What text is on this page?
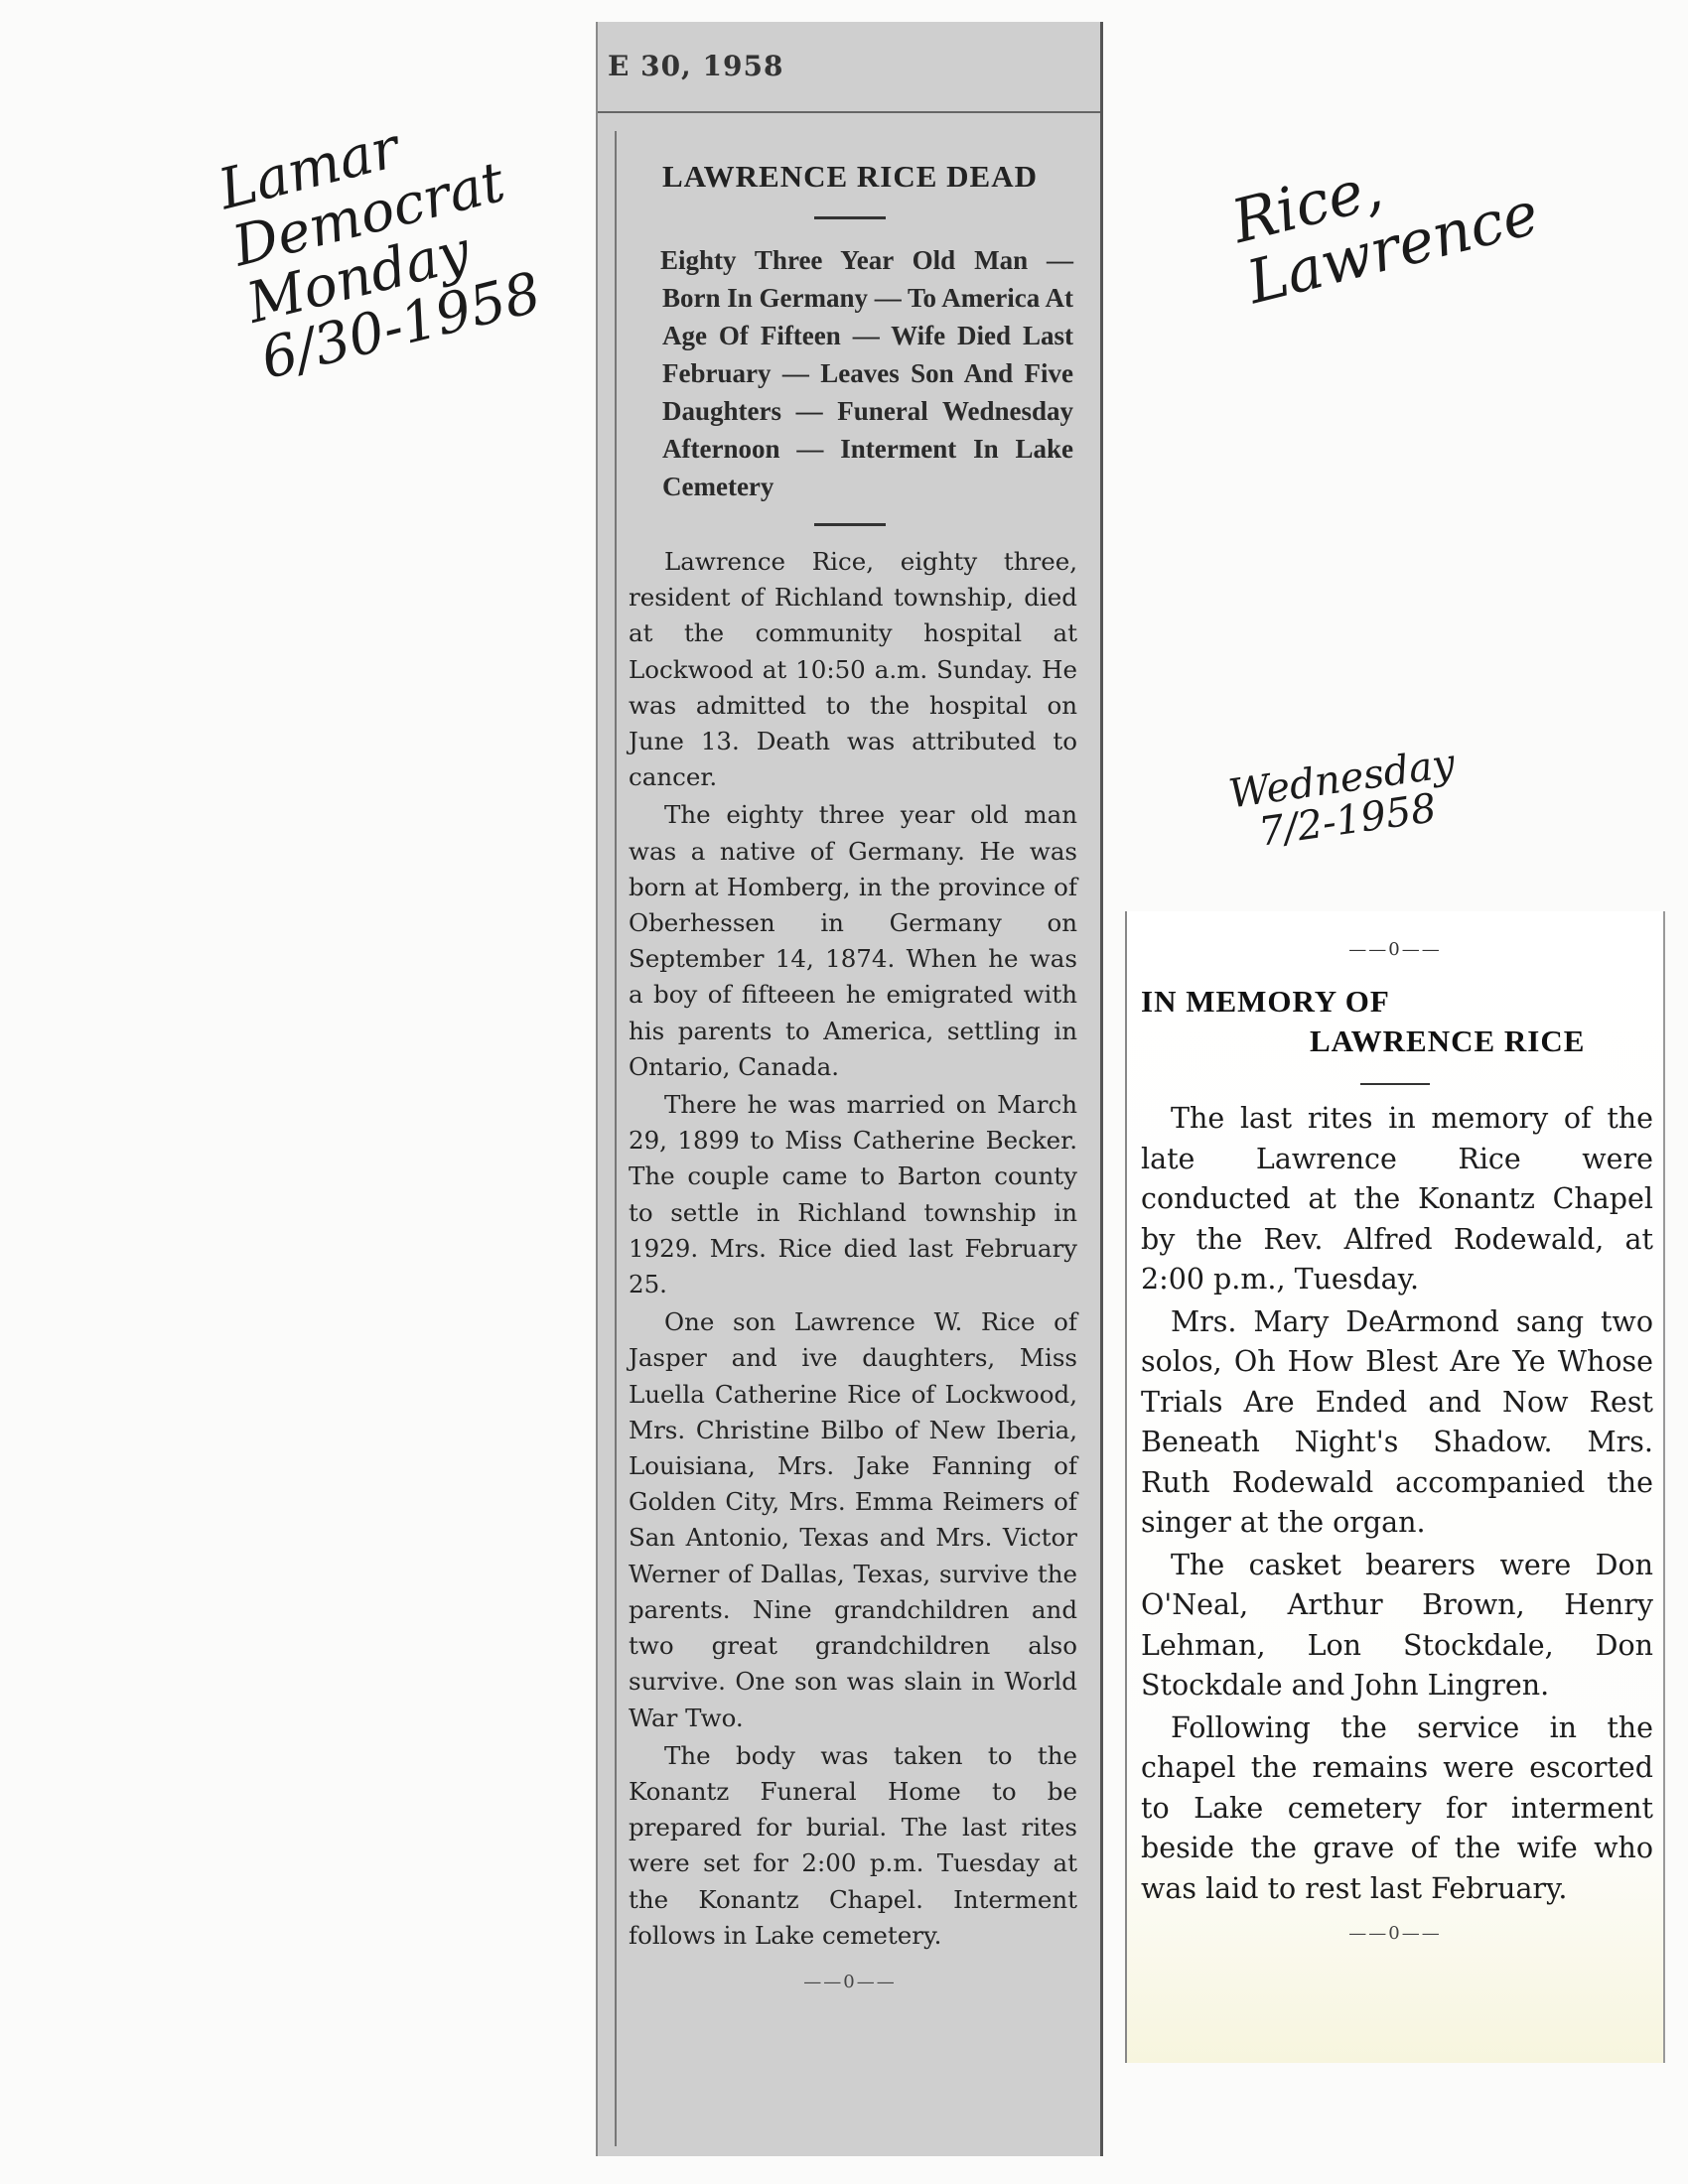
Lamar
Democrat
Monday
6/30-1958
Rice,
Lawrence
Wednesday
7/2-1958
E 30, 1958
LAWRENCE RICE DEAD
Eighty Three Year Old Man — Born In Germany — To America At Age Of Fifteen — Wife Died Last February — Leaves Son And Five Daughters — Funeral Wednesday Afternoon — Interment In Lake Cemetery

Lawrence Rice, eighty three, resident of Richland township, died at the community hospital at Lockwood at 10:50 a.m. Sunday. He was admitted to the hospital on June 13. Death was attributed to cancer.

The eighty three year old man was a native of Germany. He was born at Homberg, in the province of Oberhessen in Germany on September 14, 1874. When he was a boy of fifteeen he emigrated with his parents to America, settling in Ontario, Canada.

There he was married on March 29, 1899 to Miss Catherine Becker. The couple came to Barton county to settle in Richland township in 1929. Mrs. Rice died last February 25.

One son Lawrence W. Rice of Jasper and ive daughters, Miss Luella Catherine Rice of Lockwood, Mrs. Christine Bilbo of New Iberia, Louisiana, Mrs. Jake Fanning of Golden City, Mrs. Emma Reimers of San Antonio, Texas and Mrs. Victor Werner of Dallas, Texas, survive the parents. Nine grandchildren and two great grandchildren also survive. One son was slain in World War Two.

The body was taken to the Konantz Funeral Home to be prepared for burial. The last rites were set for 2:00 p.m. Tuesday at the Konantz Chapel. Interment follows in Lake cemetery.

——0——
——0——
IN MEMORY OF
LAWRENCE RICE

The last rites in memory of the late Lawrence Rice were conducted at the Konantz Chapel by the Rev. Alfred Rodewald, at 2:00 p.m., Tuesday.

Mrs. Mary DeArmond sang two solos, Oh How Blest Are Ye Whose Trials Are Ended and Now Rest Beneath Night's Shadow. Mrs. Ruth Rodewald accompanied the singer at the organ.

The casket bearers were Don O'Neal, Arthur Brown, Henry Lehman, Lon Stockdale, Don Stockdale and John Lingren.

Following the service in the chapel the remains were escorted to Lake cemetery for interment beside the grave of the wife who was laid to rest last February.

——0——
